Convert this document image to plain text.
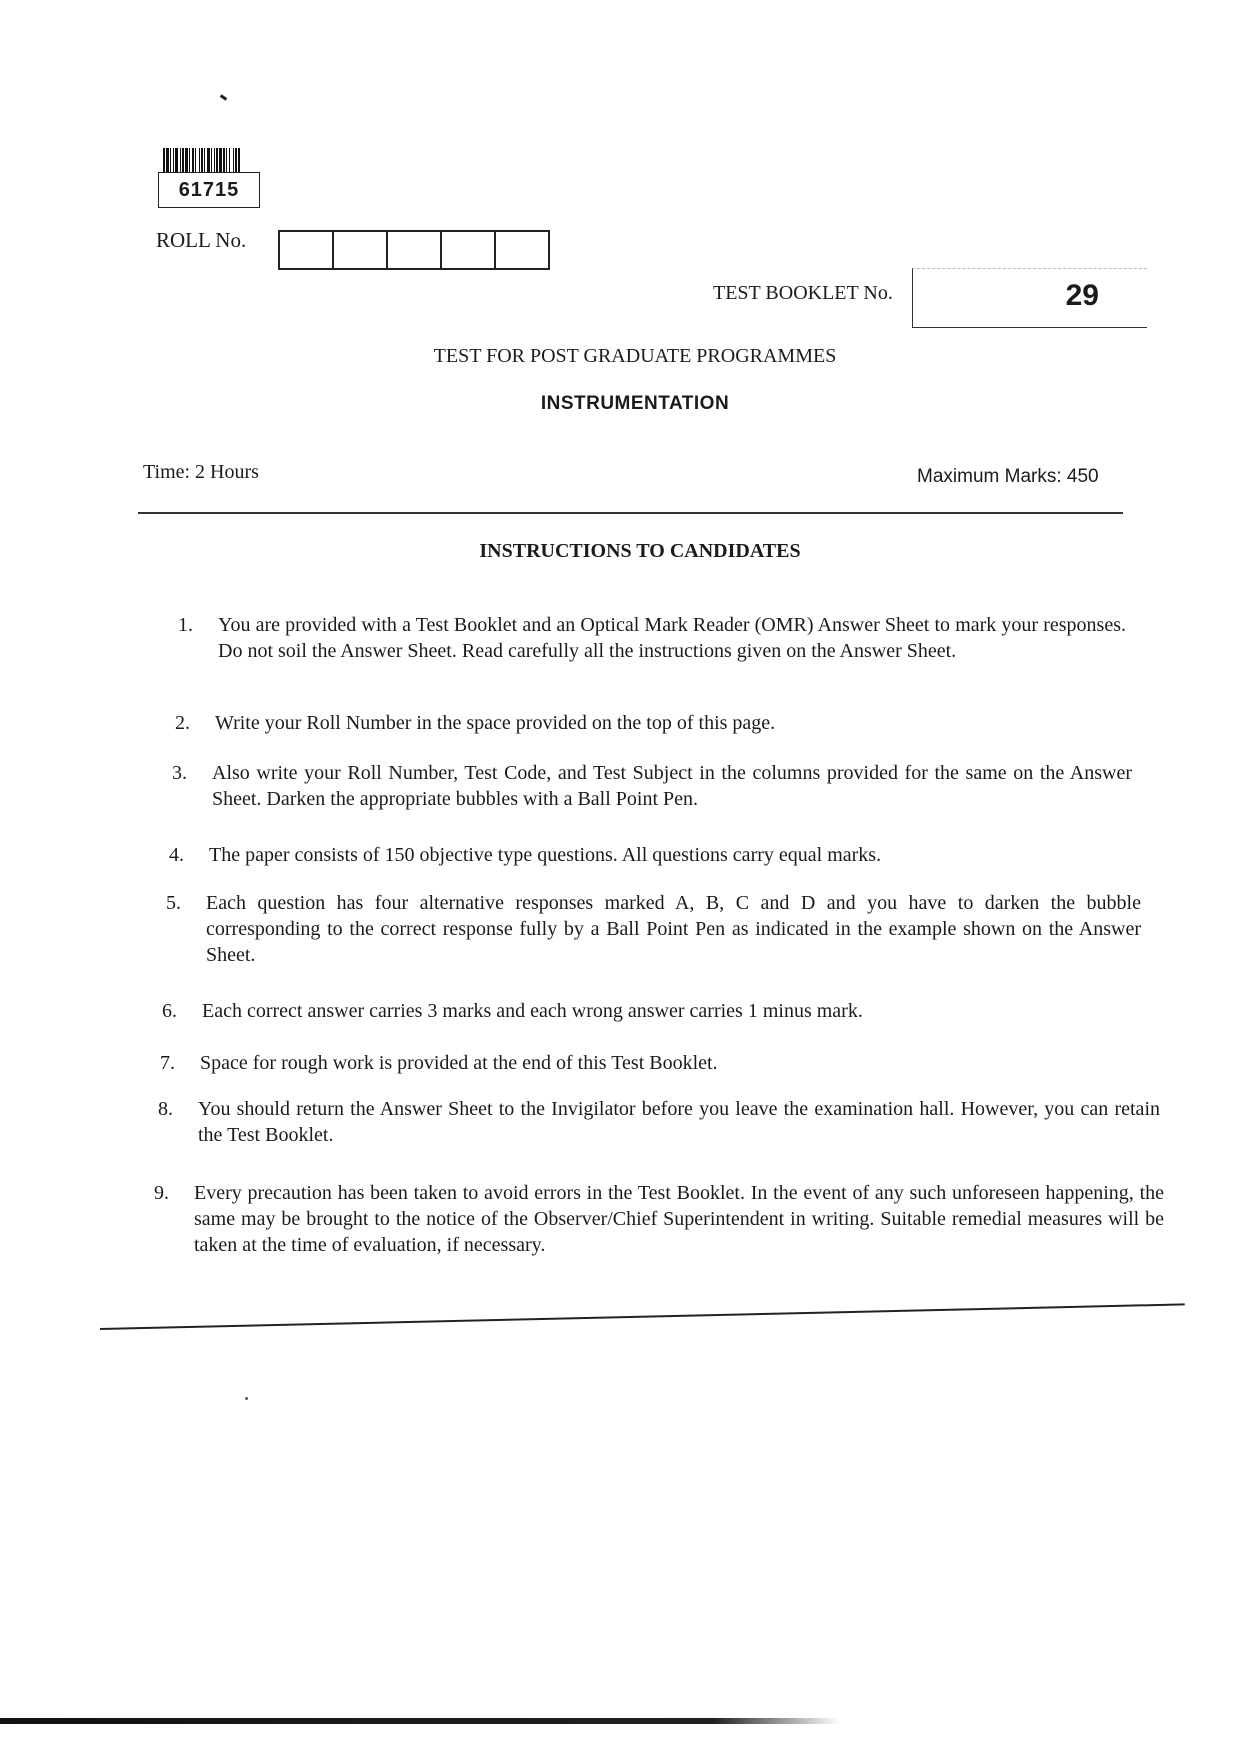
61715
ROLL No.
TEST BOOKLET No.	29
TEST FOR POST GRADUATE PROGRAMMES
INSTRUMENTATION
Time: 2 Hours	Maximum Marks: 450
INSTRUCTIONS TO CANDIDATES
1. You are provided with a Test Booklet and an Optical Mark Reader (OMR) Answer Sheet to mark your responses. Do not soil the Answer Sheet. Read carefully all the instructions given on the Answer Sheet.
2. Write your Roll Number in the space provided on the top of this page.
3. Also write your Roll Number, Test Code, and Test Subject in the columns provided for the same on the Answer Sheet. Darken the appropriate bubbles with a Ball Point Pen.
4. The paper consists of 150 objective type questions. All questions carry equal marks.
5. Each question has four alternative responses marked A, B, C and D and you have to darken the bubble corresponding to the correct response fully by a Ball Point Pen as indicated in the example shown on the Answer Sheet.
6. Each correct answer carries 3 marks and each wrong answer carries 1 minus mark.
7. Space for rough work is provided at the end of this Test Booklet.
8. You should return the Answer Sheet to the Invigilator before you leave the examination hall. However, you can retain the Test Booklet.
9. Every precaution has been taken to avoid errors in the Test Booklet. In the event of any such unforeseen happening, the same may be brought to the notice of the Observer/Chief Superintendent in writing. Suitable remedial measures will be taken at the time of evaluation, if necessary.
